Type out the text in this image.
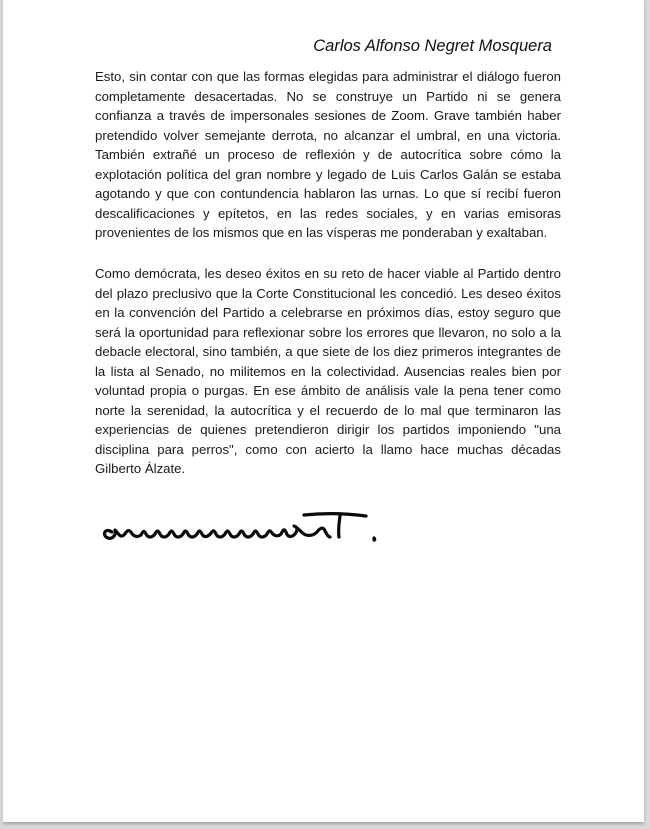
Carlos Alfonso Negret Mosquera

Esto, sin contar con que las formas elegidas para administrar el diálogo fueron completamente desacertadas. No se construye un Partido ni se genera confianza a través de impersonales sesiones de Zoom. Grave también haber pretendido volver semejante derrota, no alcanzar el umbral, en una victoria. También extrañé un proceso de reflexión y de autocrítica sobre cómo la explotación política del gran nombre y legado de Luis Carlos Galán se estaba agotando y que con contundencia hablaron las urnas. Lo que sí recibí fueron descalificaciones y epítetos, en las redes sociales, y en varias emisoras provenientes de los mismos que en las vísperas me ponderaban y exaltaban.

Como demócrata, les deseo éxitos en su reto de hacer viable al Partido dentro del plazo preclusivo que la Corte Constitucional les concedió. Les deseo éxitos en la convención del Partido a celebrarse en próximos días, estoy seguro que será la oportunidad para reflexionar sobre los errores que llevaron, no solo a la debacle electoral, sino también, a que siete de los diez primeros integrantes de la lista al Senado, no militemos en la colectividad. Ausencias reales bien por voluntad propia o purgas. En ese ámbito de análisis vale la pena tener como norte la serenidad, la autocrítica y el recuerdo de lo mal que terminaron las experiencias de quienes pretendieron dirigir los partidos imponiendo "una disciplina para perros", como con acierto la llamo hace muchas décadas Gilberto Álzate.
